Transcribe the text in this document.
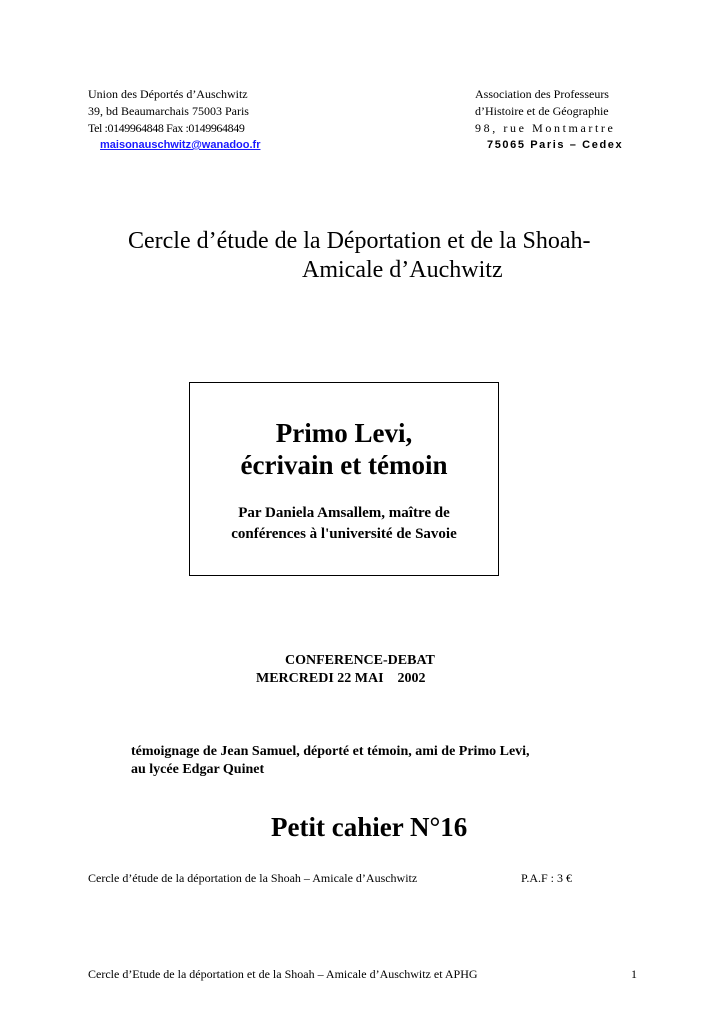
Union des Déportés d’Auschwitz
39, bd Beaumarchais 75003 Paris
Tel :0149964848 Fax :0149964849
maisonauschwitz@wanadoo.fr
Association des Professeurs
d’Histoire et de Géographie
98, rue Montmartre
75065 Paris – Cedex
Cercle d’étude de la Déportation et de la Shoah-
Amicale d’Auchwitz
Primo Levi,
écrivain et témoin
Par Daniela Amsallem, maître de
conférences à l'université de Savoie
CONFERENCE-DEBAT
MERCREDI 22 MAI    2002
témoignage de Jean Samuel, déporté et témoin, ami de Primo Levi,
au lycée Edgar Quinet
Petit cahier N°16
Cercle d’étude de la déportation de la Shoah – Amicale d’Auschwitz	P.A.F : 3 €
Cercle d’Etude de la déportation et de la Shoah – Amicale d’Auschwitz et APHG	1
